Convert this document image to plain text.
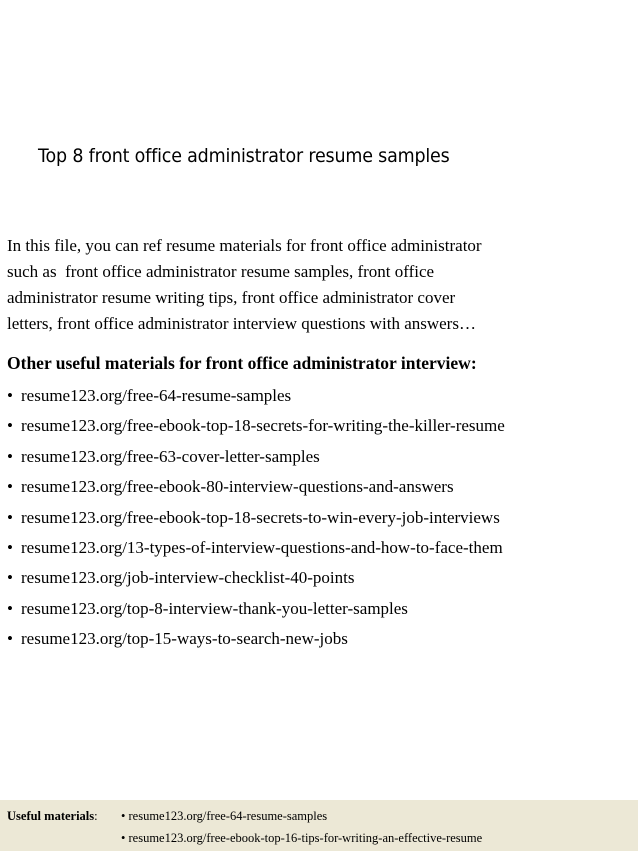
Top 8 front office administrator resume samples

In this file, you can ref resume materials for front office administrator
such as  front office administrator resume samples, front office
administrator resume writing tips, front office administrator cover
letters, front office administrator interview questions with answers…

Other useful materials for front office administrator interview:
• resume123.org/free-64-resume-samples
• resume123.org/free-ebook-top-18-secrets-for-writing-the-killer-resume
• resume123.org/free-63-cover-letter-samples
• resume123.org/free-ebook-80-interview-questions-and-answers
• resume123.org/free-ebook-top-18-secrets-to-win-every-job-interviews
• resume123.org/13-types-of-interview-questions-and-how-to-face-them
• resume123.org/job-interview-checklist-40-points
• resume123.org/top-8-interview-thank-you-letter-samples
• resume123.org/top-15-ways-to-search-new-jobs
Useful materials: • resume123.org/free-64-resume-samples
• resume123.org/free-ebook-top-16-tips-for-writing-an-effective-resume
